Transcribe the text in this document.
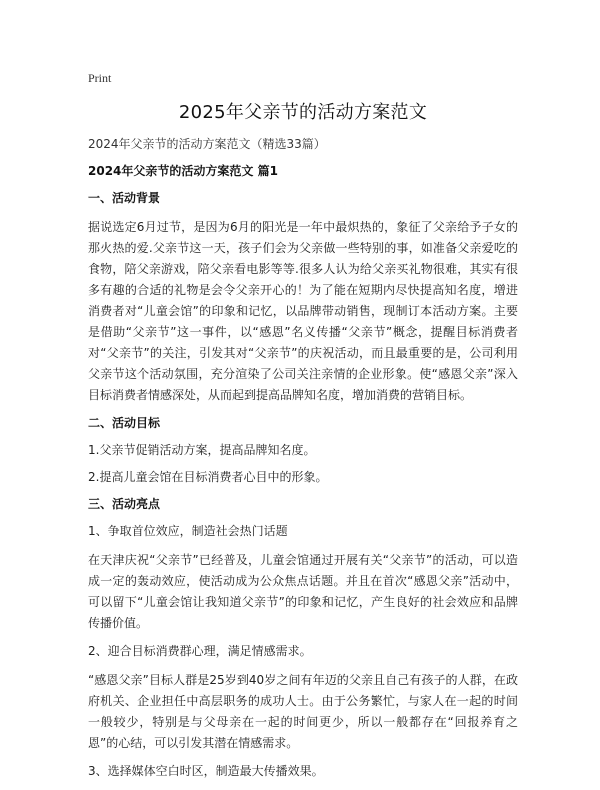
Print
2025年父亲节的活动方案范文
2024年父亲节的活动方案范文（精选33篇）
2024年父亲节的活动方案范文 篇1
一、活动背景

据说选定6月过节，是因为6月的阳光是一年中最炽热的，象征了父亲给予子女的那火热的爱.父亲节这一天，孩子们会为父亲做一些特别的事，如准备父亲爱吃的食物，陪父亲游戏，陪父亲看电影等等.很多人认为给父亲买礼物很难，其实有很多有趣的合适的礼物是会令父亲开心的！为了能在短期内尽快提高知名度，增进消费者对“儿童会馆”的印象和记忆，以品牌带动销售，现制订本活动方案。主要是借助“父亲节”这一事件，以“感恩”名义传播“父亲节”概念，提醒目标消费者对“父亲节”的关注，引发其对“父亲节”的庆祝活动，而且最重要的是，公司利用父亲节这个活动氛围，充分渲染了公司关注亲情的企业形象。使“感恩父亲”深入目标消费者情感深处，从而起到提高品牌知名度，增加消费的营销目标。

二、活动目标
1.父亲节促销活动方案，提高品牌知名度。
2.提高儿童会馆在目标消费者心目中的形象。
三、活动亮点
1、争取首位效应，制造社会热门话题

在天津庆祝“父亲节”已经普及，儿童会馆通过开展有关“父亲节”的活动，可以造成一定的轰动效应，使活动成为公众焦点话题。并且在首次“感恩父亲”活动中，可以留下“儿童会馆让我知道父亲节”的印象和记忆，产生良好的社会效应和品牌传播价值。

2、迎合目标消费群心理，满足情感需求。

“感恩父亲”目标人群是25岁到40岁之间有年迈的父亲且自己有孩子的人群，在政府机关、企业担任中高层职务的成功人士。由于公务繁忙，与家人在一起的时间一般较少，特别是与父母亲在一起的时间更少，所以一般都存在“回报养育之恩”的心结，可以引发其潜在情感需求。

3、选择媒体空白时区，制造最大传播效果。
